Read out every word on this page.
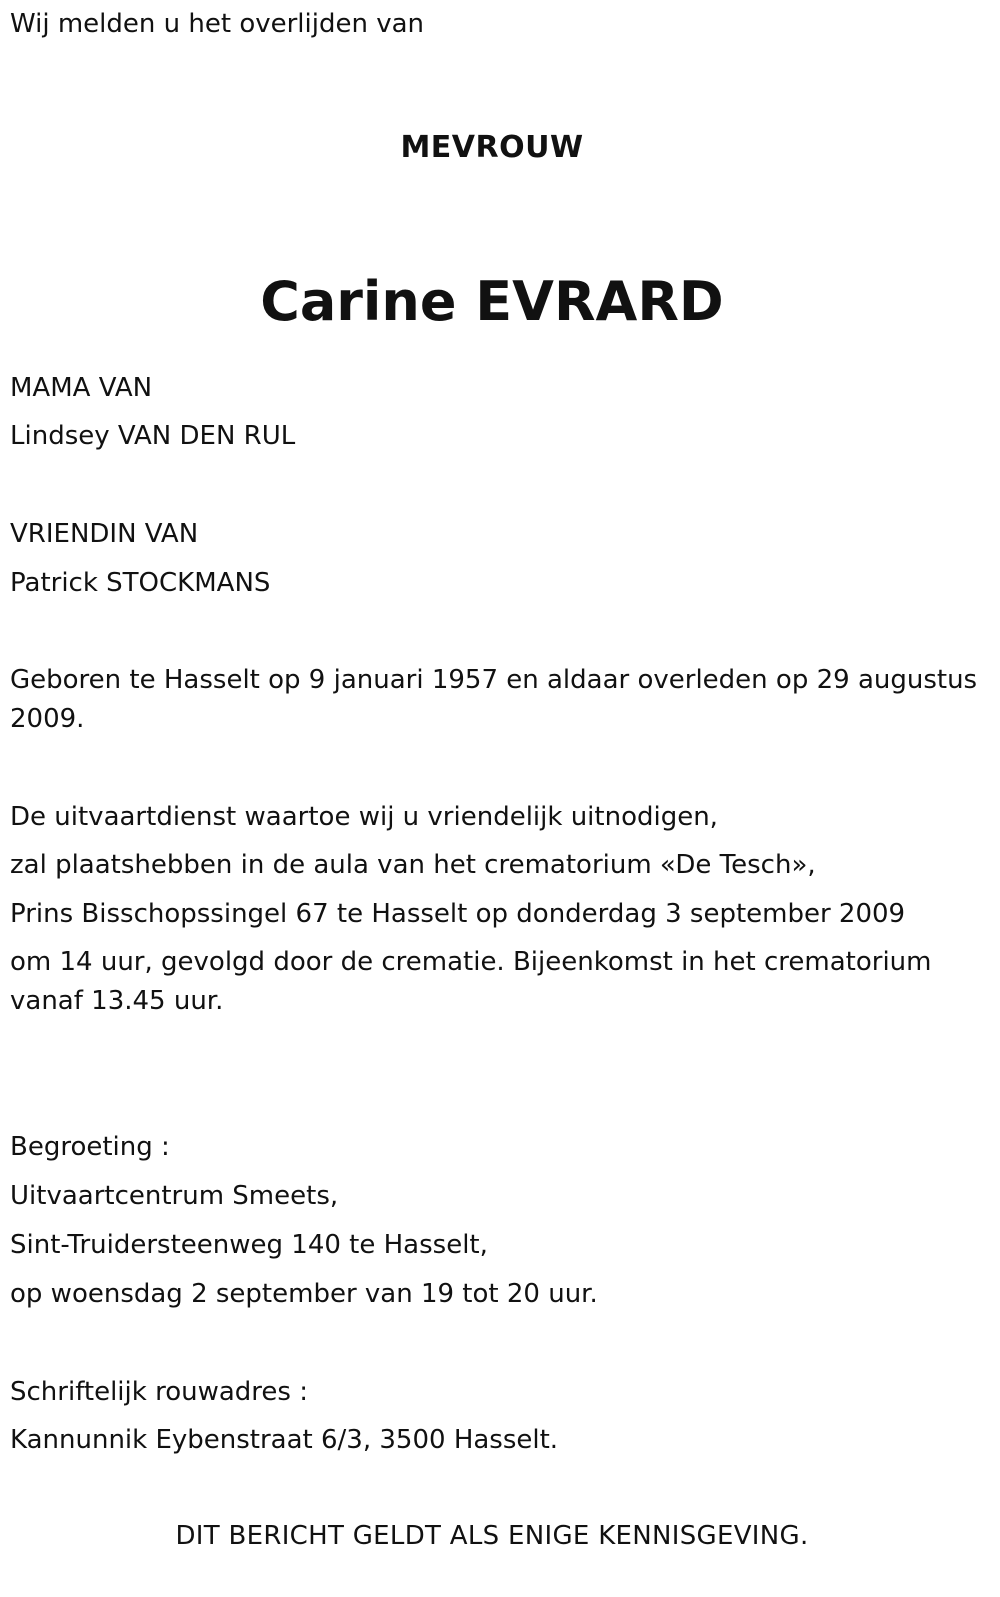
Wij melden u het overlijden van
MEVROUW
Carine EVRARD
MAMA VAN
Lindsey VAN DEN RUL
VRIENDIN VAN
Patrick STOCKMANS
Geboren te Hasselt op 9 januari 1957 en aldaar overleden op 29 augustus
2009.
De uitvaartdienst waartoe wij u vriendelijk uitnodigen,
zal plaatshebben in de aula van het crematorium «De Tesch»,
Prins Bisschopssingel 67 te Hasselt op donderdag 3 september 2009
om 14 uur, gevolgd door de crematie. Bijeenkomst in het crematorium
vanaf 13.45 uur.
Begroeting :
Uitvaartcentrum Smeets,
Sint-Truidersteenweg 140 te Hasselt,
op woensdag 2 september van 19 tot 20 uur.
Schriftelijk rouwadres :
Kannunnik Eybenstraat 6/3, 3500 Hasselt.
DIT BERICHT GELDT ALS ENIGE KENNISGEVING.
